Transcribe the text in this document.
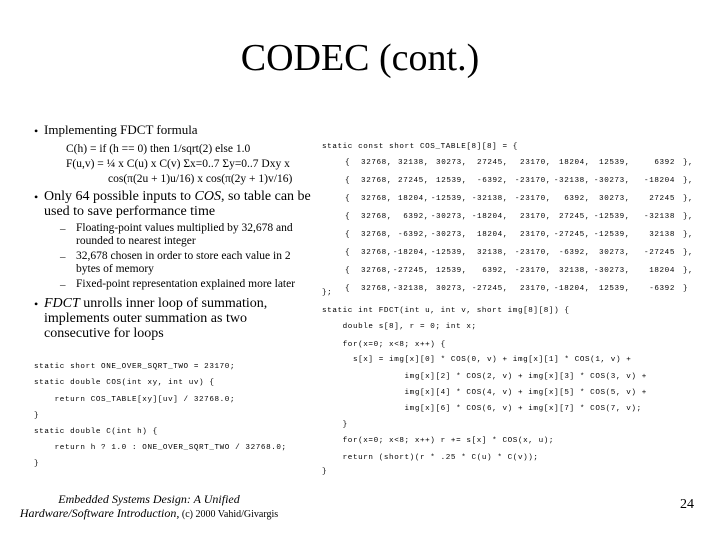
CODEC (cont.)
• Implementing FDCT formula
C(h) = if (h == 0) then 1/sqrt(2) else 1.0
F(u,v) = ¼ x C(u) x C(v) Σx=0..7 Σy=0..7 Dxy x
cos(π(2u + 1)u/16) x cos(π(2y + 1)v/16)
• Only 64 possible inputs to COS, so table can be
used to save performance time
– Floating-point values multiplied by 32,678 and
rounded to nearest integer
– 32,678 chosen in order to store each value in 2
bytes of memory
– Fixed-point representation explained more later
• FDCT unrolls inner loop of summation,
implements outer summation as two
consecutive for loops
static short ONE_OVER_SQRT_TWO = 23170;
static double COS(int xy, int uv) {
return COS_TABLE[xy][uv] / 32768.0;
}
static double C(int h) {
return h ? 1.0 : ONE_OVER_SQRT_TWO / 32768.0;
}
static const short COS_TABLE[8][8] = {
{	32768, 32138, 30273,	27245,	23170,	18204,	12539,	6392 },
{	32768, 27245, 12539,	-6392, -23170, -32138, -30273,	-18204 },
{	32768, 18204, -12539, -32138, -23170,	6392,	30273,	27245 },
{	32768,	6392, -30273, -18204,	23170,	27245, -12539,	-32138 },
{	32768, -6392, -30273,	18204,	23170, -27245, -12539,	32138 },
{	32768, -18204, -12539,	32138, -23170,	-6392,	30273,	-27245 },
{	32768, -27245, 12539,	6392, -23170,	32138, -30273,	18204 },
{	32768, -32138, 30273, -27245,	23170, -18204,	12539,	-6392 }
};
static int FDCT(int u, int v, short img[8][8]) {
double s[8], r = 0; int x;
for(x=0; x<8; x++) {
s[x] = img[x][0] * COS(0, v) + img[x][1] * COS(1, v) +
img[x][2] * COS(2, v) + img[x][3] * COS(3, v) +
img[x][4] * COS(4, v) + img[x][5] * COS(5, v) +
img[x][6] * COS(6, v) + img[x][7] * COS(7, v);
}
for(x=0; x<8; x++) r += s[x] * COS(x, u);
return (short)(r * .25 * C(u) * C(v));
}
Embedded Systems Design: A Unified
Hardware/Software Introduction, (c) 2000 Vahid/Givargis
24
